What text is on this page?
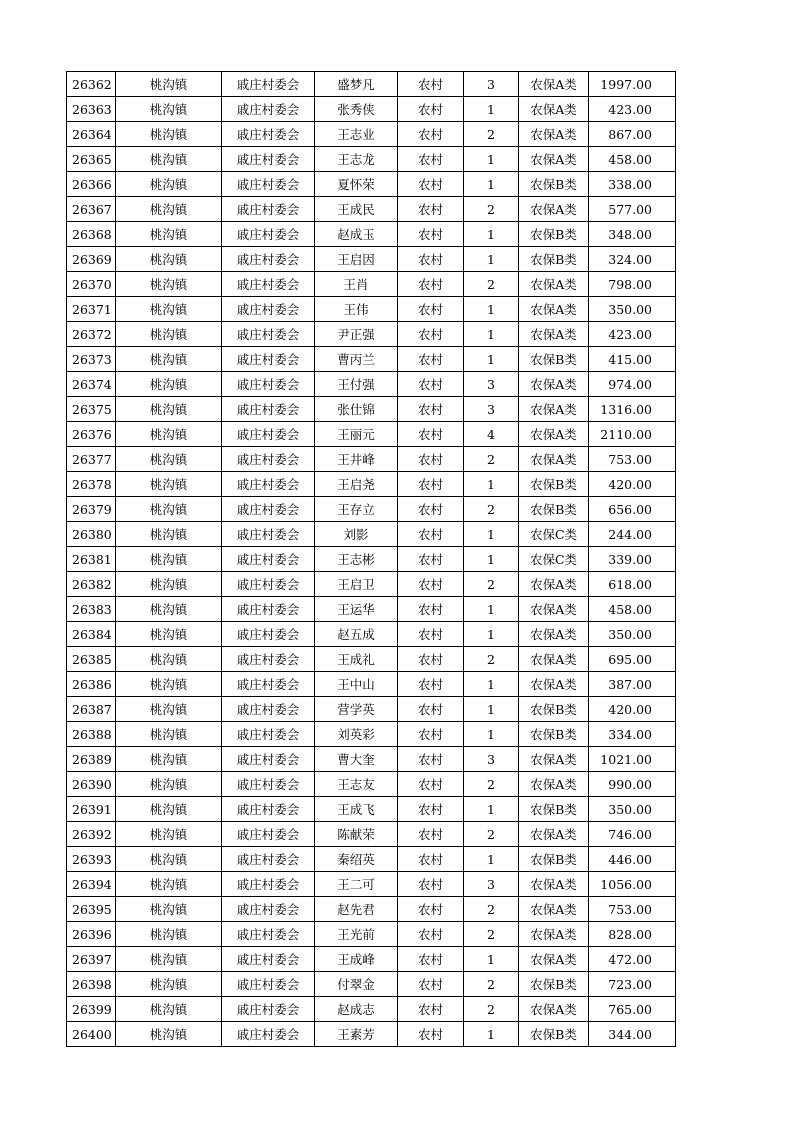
26362	桃沟镇	戚庄村委会	盛梦凡	农村	3	农保A类	1997.00
26363	桃沟镇	戚庄村委会	张秀侠	农村	1	农保A类	423.00
26364	桃沟镇	戚庄村委会	王志业	农村	2	农保A类	867.00
26365	桃沟镇	戚庄村委会	王志龙	农村	1	农保A类	458.00
26366	桃沟镇	戚庄村委会	夏怀荣	农村	1	农保B类	338.00
26367	桃沟镇	戚庄村委会	王成民	农村	2	农保A类	577.00
26368	桃沟镇	戚庄村委会	赵成玉	农村	1	农保B类	348.00
26369	桃沟镇	戚庄村委会	王启因	农村	1	农保B类	324.00
26370	桃沟镇	戚庄村委会	王肖	农村	2	农保A类	798.00
26371	桃沟镇	戚庄村委会	王伟	农村	1	农保A类	350.00
26372	桃沟镇	戚庄村委会	尹正强	农村	1	农保A类	423.00
26373	桃沟镇	戚庄村委会	曹丙兰	农村	1	农保B类	415.00
26374	桃沟镇	戚庄村委会	王付强	农村	3	农保A类	974.00
26375	桃沟镇	戚庄村委会	张仕锦	农村	3	农保A类	1316.00
26376	桃沟镇	戚庄村委会	王丽元	农村	4	农保A类	2110.00
26377	桃沟镇	戚庄村委会	王井峰	农村	2	农保A类	753.00
26378	桃沟镇	戚庄村委会	王启尧	农村	1	农保B类	420.00
26379	桃沟镇	戚庄村委会	王存立	农村	2	农保B类	656.00
26380	桃沟镇	戚庄村委会	刘影	农村	1	农保C类	244.00
26381	桃沟镇	戚庄村委会	王志彬	农村	1	农保C类	339.00
26382	桃沟镇	戚庄村委会	王启卫	农村	2	农保A类	618.00
26383	桃沟镇	戚庄村委会	王运华	农村	1	农保A类	458.00
26384	桃沟镇	戚庄村委会	赵五成	农村	1	农保A类	350.00
26385	桃沟镇	戚庄村委会	王成礼	农村	2	农保A类	695.00
26386	桃沟镇	戚庄村委会	王中山	农村	1	农保A类	387.00
26387	桃沟镇	戚庄村委会	营学英	农村	1	农保B类	420.00
26388	桃沟镇	戚庄村委会	刘英彩	农村	1	农保B类	334.00
26389	桃沟镇	戚庄村委会	曹大奎	农村	3	农保A类	1021.00
26390	桃沟镇	戚庄村委会	王志友	农村	2	农保A类	990.00
26391	桃沟镇	戚庄村委会	王成飞	农村	1	农保B类	350.00
26392	桃沟镇	戚庄村委会	陈献荣	农村	2	农保A类	746.00
26393	桃沟镇	戚庄村委会	秦绍英	农村	1	农保B类	446.00
26394	桃沟镇	戚庄村委会	王二可	农村	3	农保A类	1056.00
26395	桃沟镇	戚庄村委会	赵先君	农村	2	农保A类	753.00
26396	桃沟镇	戚庄村委会	王光前	农村	2	农保A类	828.00
26397	桃沟镇	戚庄村委会	王成峰	农村	1	农保A类	472.00
26398	桃沟镇	戚庄村委会	付翠金	农村	2	农保B类	723.00
26399	桃沟镇	戚庄村委会	赵成志	农村	2	农保A类	765.00
26400	桃沟镇	戚庄村委会	王素芳	农村	1	农保B类	344.00
